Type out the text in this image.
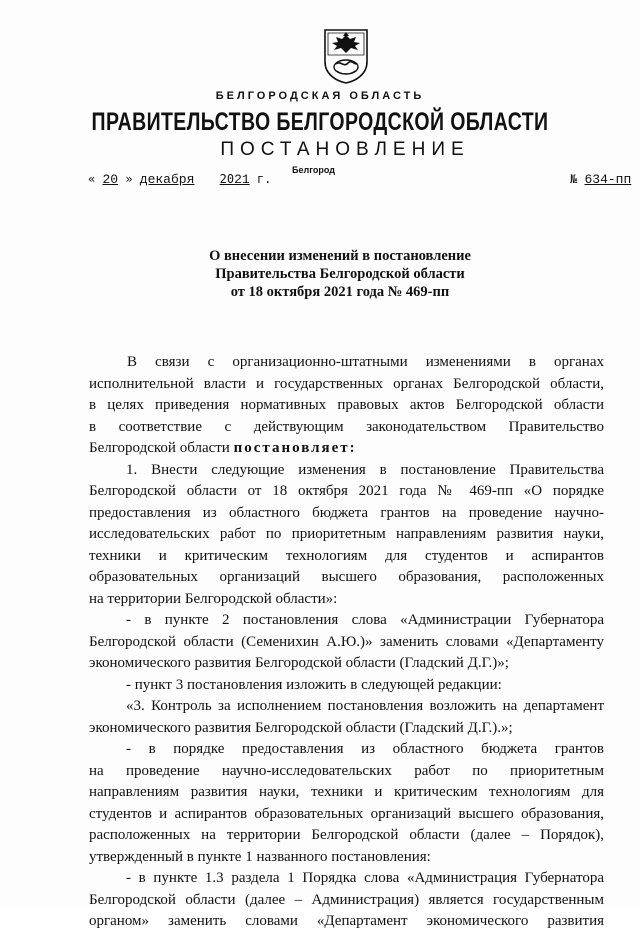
БЕЛГОРОДСКАЯ ОБЛАСТЬ
ПРАВИТЕЛЬСТВО БЕЛГОРОДСКОЙ ОБЛАСТИ
ПОСТАНОВЛЕНИЕ
Белгород
« 20 » декабря 2021 г.	№ 634-пп
О внесении изменений в постановление
Правительства Белгородской области
от 18 октября 2021 года № 469-пп
В связи с организационно-штатными изменениями в органах
исполнительной власти и государственных органах Белгородской области,
в целях приведения нормативных правовых актов Белгородской области
в соответствие с действующим законодательством Правительство
Белгородской области постановляет:
1. Внести следующие изменения в постановление Правительства
Белгородской области от 18 октября 2021 года № 469-пп «О порядке
предоставления из областного бюджета грантов на проведение научно-
исследовательских работ по приоритетным направлениям развития науки,
техники и критическим технологиям для студентов и аспирантов
образовательных организаций высшего образования, расположенных
на территории Белгородской области»:
- в пункте 2 постановления слова «Администрации Губернатора
Белгородской области (Семенихин А.Ю.)» заменить словами «Департаменту
экономического развития Белгородской области (Гладский Д.Г.)»;
- пункт 3 постановления изложить в следующей редакции:
«3. Контроль за исполнением постановления возложить на департамент
экономического развития Белгородской области (Гладский Д.Г.).»;
- в порядке предоставления из областного бюджета грантов
на проведение научно-исследовательских работ по приоритетным
направлениям развития науки, техники и критическим технологиям для
студентов и аспирантов образовательных организаций высшего образования,
расположенных на территории Белгородской области (далее – Порядок),
утвержденный в пункте 1 названного постановления:
- в пункте 1.3 раздела 1 Порядка слова «Администрация Губернатора
Белгородской области (далее – Администрация) является государственным
органом» заменить словами «Департамент экономического развития
